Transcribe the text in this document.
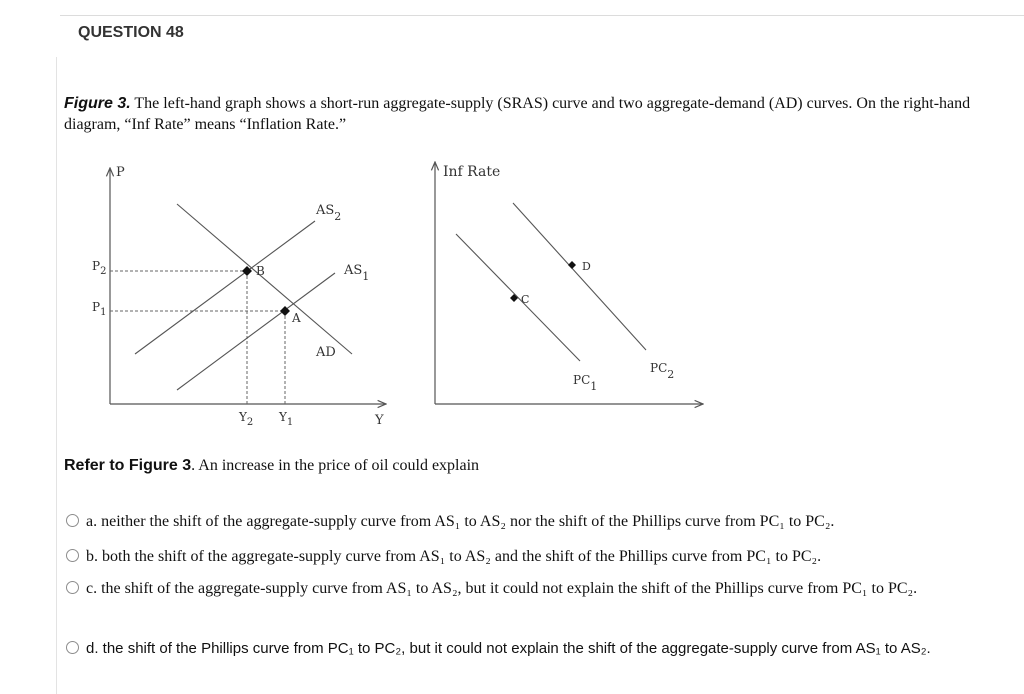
QUESTION 48
Figure 3. The left-hand graph shows a short-run aggregate-supply (SRAS) curve and two aggregate-demand (AD) curves. On the right-hand diagram, “Inf Rate” means “Inflation Rate.”
P
Y
$P_2$
$P_1$
$Y_2$ $Y_1$
$AS_2$
$AS_1$
AD
B
A
Inf Rate
C
D
PC1
PC2
Refer to Figure 3. An increase in the price of oil could explain
a. neither the shift of the aggregate-supply curve from AS₁ to AS₂ nor the shift of the Phillips curve from PC₁ to PC₂.
b. both the shift of the aggregate-supply curve from AS₁ to AS₂ and the shift of the Phillips curve from PC₁ to PC₂.
c. the shift of the aggregate-supply curve from AS₁ to AS₂, but it could not explain the shift of the Phillips curve from PC₁ to PC₂.
d. the shift of the Phillips curve from PC₁ to PC₂, but it could not explain the shift of the aggregate-supply curve from AS₁ to AS₂.
